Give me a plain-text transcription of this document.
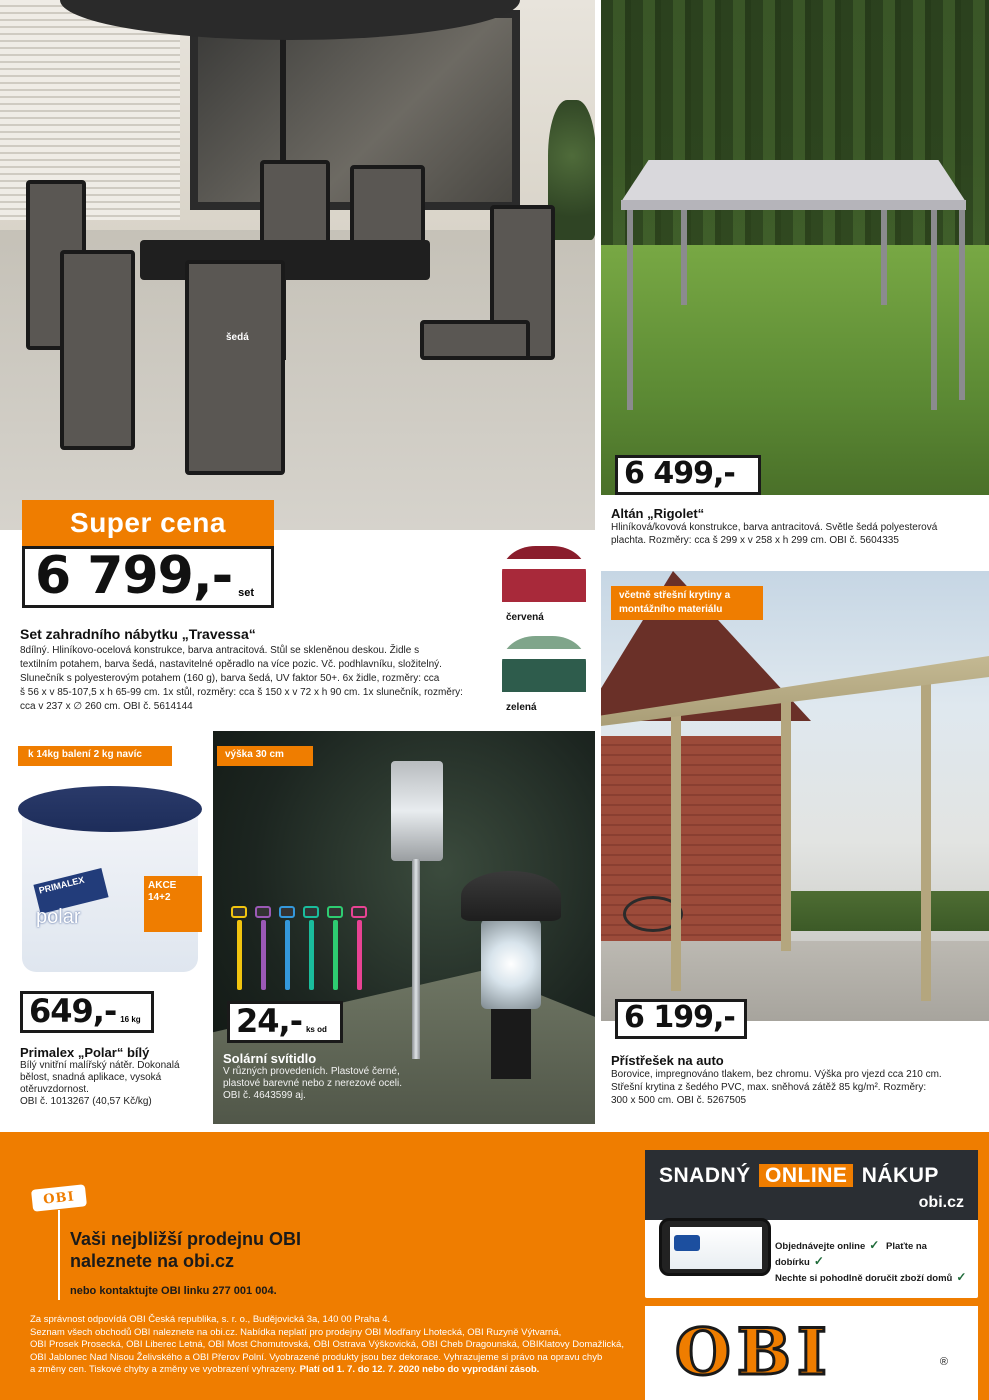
šedá
Super cena
6 799,- set
červená
zelená
Set zahradního nábytku „Travessa“
8dílný. Hliníkovo-ocelová konstrukce, barva antracitová. Stůl se skleněnou deskou. Židle s
textilním potahem, barva šedá, nastavitelné opěradlo na více pozic. Vč. podhlavníku, složitelný.
Slunečník s polyesterovým potahem (160 g), barva šedá, UV faktor 50+. 6x židle, rozměry: cca
š 56 x v 85-107,5 x h 65-99 cm. 1x stůl, rozměry: cca š 150 x v 72 x h 90 cm. 1x slunečník, rozměry:
cca v 237 x ∅ 260 cm. OBI č. 5614144
6 499,-
Altán „Rigolet“
Hliníková/kovová konstrukce, barva antracitová. Světle šedá polyesterová
plachta. Rozměry: cca š 299 x v 258 x h 299 cm. OBI č. 5604335
včetně střešní krytiny a
montážního materiálu
6 199,-
Přístřešek na auto
Borovice, impregnováno tlakem, bez chromu. Výška pro vjezd cca 210 cm.
Střešní krytina z šedého PVC, max. sněhová zátěž 85 kg/m². Rozměry:
300 x 500 cm. OBI č. 5267505
k 14kg balení 2 kg navíc
PRIMALEX
polar
AKCE 14+2
649,- 16 kg
Primalex „Polar“ bílý
Bílý vnitřní malířský nátěr. Dokonalá
bělost, snadná aplikace, vysoká
otěruvzdornost.
OBI č. 1013267 (40,57 Kč/kg)
výška 30 cm
24,- ks od
Solární svítidlo
V různých provedeních. Plastové černé,
plastové barevné nebo z nerezové oceli.
OBI č. 4643599 aj.
OBI
Vaši nejbližší prodejnu OBI
naleznete na obi.cz
nebo kontaktujte OBI linku 277 001 004.
Za správnost odpovídá OBI Česká republika, s. r. o., Budějovická 3a, 140 00 Praha 4.
Seznam všech obchodů OBI naleznete na obi.cz. Nabídka neplatí pro prodejny OBI Modřany Lhotecká, OBI Ruzyně Výtvarná,
OBI Prosek Prosecká, OBI Liberec Letná, OBI Most Chomutovská, OBI Ostrava Výškovická, OBI Cheb Dragounská, OBIKlatovy Domažlická,
OBI Jablonec Nad Nisou Želivského a OBI Přerov Polní. Vyobrazené produkty jsou bez dekorace. Vyhrazujeme si právo na opravu chyb
a změny cen. Tiskové chyby a změny ve vyobrazení vyhrazeny. Platí od 1. 7. do 12. 7. 2020 nebo do vyprodání zásob.
SNADNÝ ONLINE NÁKUP
obi.cz
Objednávejte online ✓ Plaťte na dobírku ✓
Nechte si pohodlně doručit zboží domů ✓
OBI	®
